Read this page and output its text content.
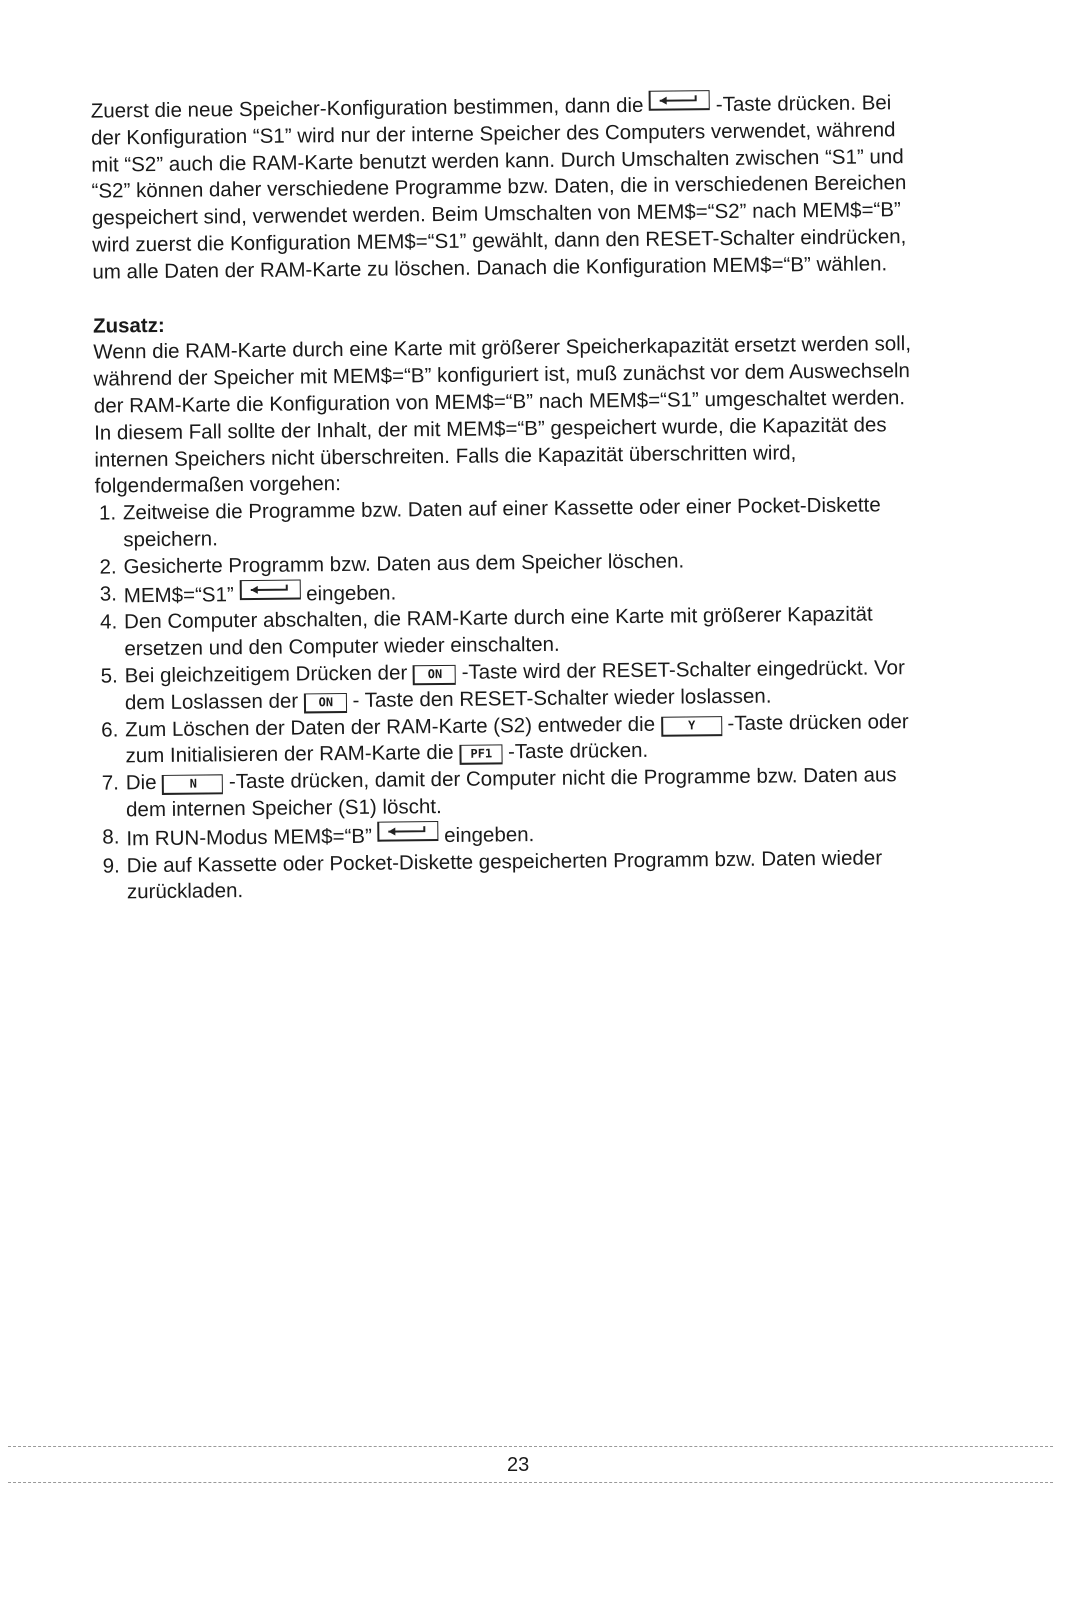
Zuerst die neue Speicher-Konfiguration bestimmen, dann die	-Taste drücken. Bei der Konfiguration “S1” wird nur der interne Speicher des Computers verwendet, während mit “S2” auch die RAM-Karte benutzt werden kann. Durch Umschalten zwischen “S1” und “S2” können daher verschiedene Programme bzw. Daten, die in verschiedenen Bereichen gespeichert sind, verwendet werden. Beim Umschalten von MEM$=“S2” nach MEM$=“B” wird zuerst die Konfiguration MEM$=“S1” gewählt, dann den RESET-Schalter eindrücken, um alle Daten der RAM-Karte zu löschen. Danach die Konfiguration MEM$=“B” wählen.

Zusatz:

Wenn die RAM-Karte durch eine Karte mit größerer Speicherkapazität ersetzt werden soll, während der Speicher mit MEM$=“B” konfiguriert ist, muß zunächst vor dem Auswechseln der RAM-Karte die Konfiguration von MEM$=“B” nach MEM$=“S1” umgeschaltet werden. In diesem Fall sollte der Inhalt, der mit MEM$=“B” gespeichert wurde, die Kapazität des internen Speichers nicht überschreiten. Falls die Kapazität überschritten wird, folgendermaßen vorgehen:

1. Zeitweise die Programme bzw. Daten auf einer Kassette oder einer Pocket-Diskette speichern.
2. Gesicherte Programm bzw. Daten aus dem Speicher löschen.
3. MEM$=“S1”	eingeben.
4. Den Computer abschalten, die RAM-Karte durch eine Karte mit größerer Kapazität ersetzen und den Computer wieder einschalten.
5. Bei gleichzeitigem Drücken der ON -Taste wird der RESET-Schalter eingedrückt. Vor dem Loslassen der ON - Taste den RESET-Schalter wieder loslassen.
6. Zum Löschen der Daten der RAM-Karte (S2) entweder die Y -Taste drücken oder zum Initialisieren der RAM-Karte die PF1 -Taste drücken.
7. Die N -Taste drücken, damit der Computer nicht die Programme bzw. Daten aus dem internen Speicher (S1) löscht.
8. Im RUN-Modus MEM$=“B”	eingeben.
9. Die auf Kassette oder Pocket-Diskette gespeicherten Programm bzw. Daten wieder zurückladen.
23
